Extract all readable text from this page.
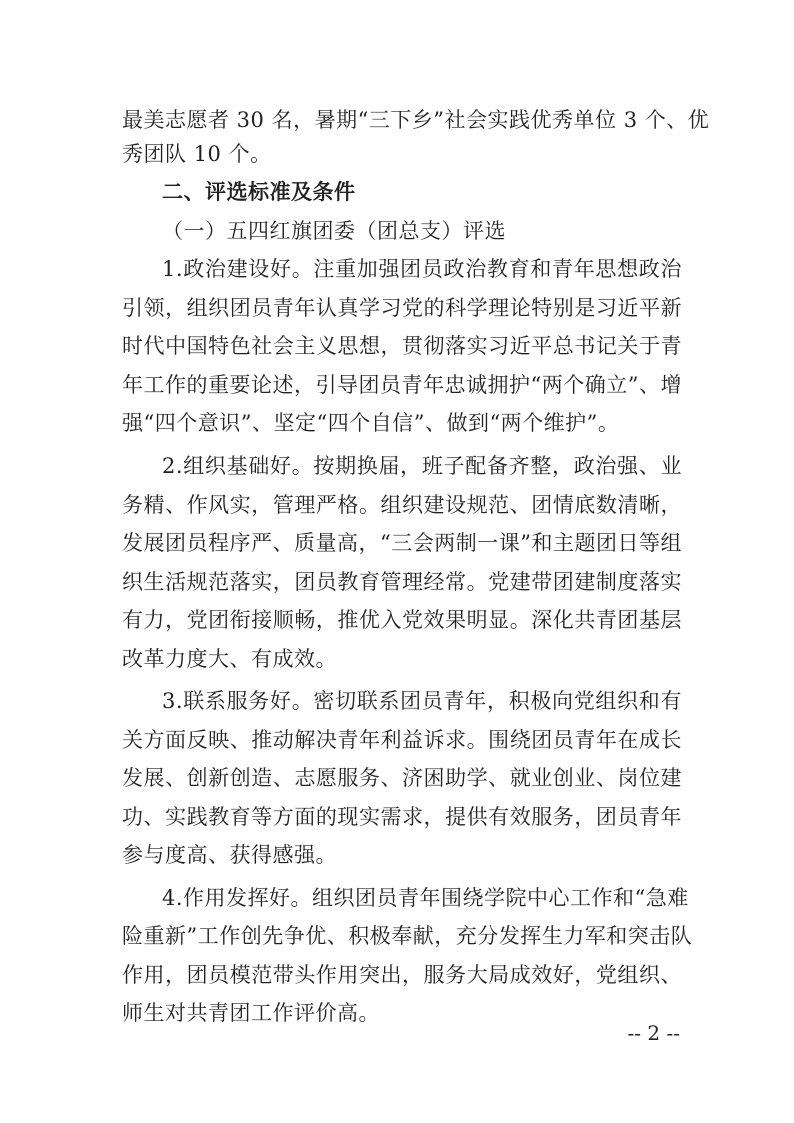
最美志愿者 30 名，暑期“三下乡”社会实践优秀单位 3 个、优
秀团队 10 个。
二、评选标准及条件
（一）五四红旗团委（团总支）评选
1.政治建设好。注重加强团员政治教育和青年思想政治
引领，组织团员青年认真学习党的科学理论特别是习近平新
时代中国特色社会主义思想，贯彻落实习近平总书记关于青
年工作的重要论述，引导团员青年忠诚拥护“两个确立”、增
强“四个意识”、坚定“四个自信”、做到“两个维护”。
2.组织基础好。按期换届，班子配备齐整，政治强、业
务精、作风实，管理严格。组织建设规范、团情底数清晰，
发展团员程序严、质量高，“三会两制一课”和主题团日等组
织生活规范落实，团员教育管理经常。党建带团建制度落实
有力，党团衔接顺畅，推优入党效果明显。深化共青团基层
改革力度大、有成效。
3.联系服务好。密切联系团员青年，积极向党组织和有
关方面反映、推动解决青年利益诉求。围绕团员青年在成长
发展、创新创造、志愿服务、济困助学、就业创业、岗位建
功、实践教育等方面的现实需求，提供有效服务，团员青年
参与度高、获得感强。
4.作用发挥好。组织团员青年围绕学院中心工作和“急难
险重新”工作创先争优、积极奉献，充分发挥生力军和突击队
作用，团员模范带头作用突出，服务大局成效好，党组织、
师生对共青团工作评价高。
-- 2 --
